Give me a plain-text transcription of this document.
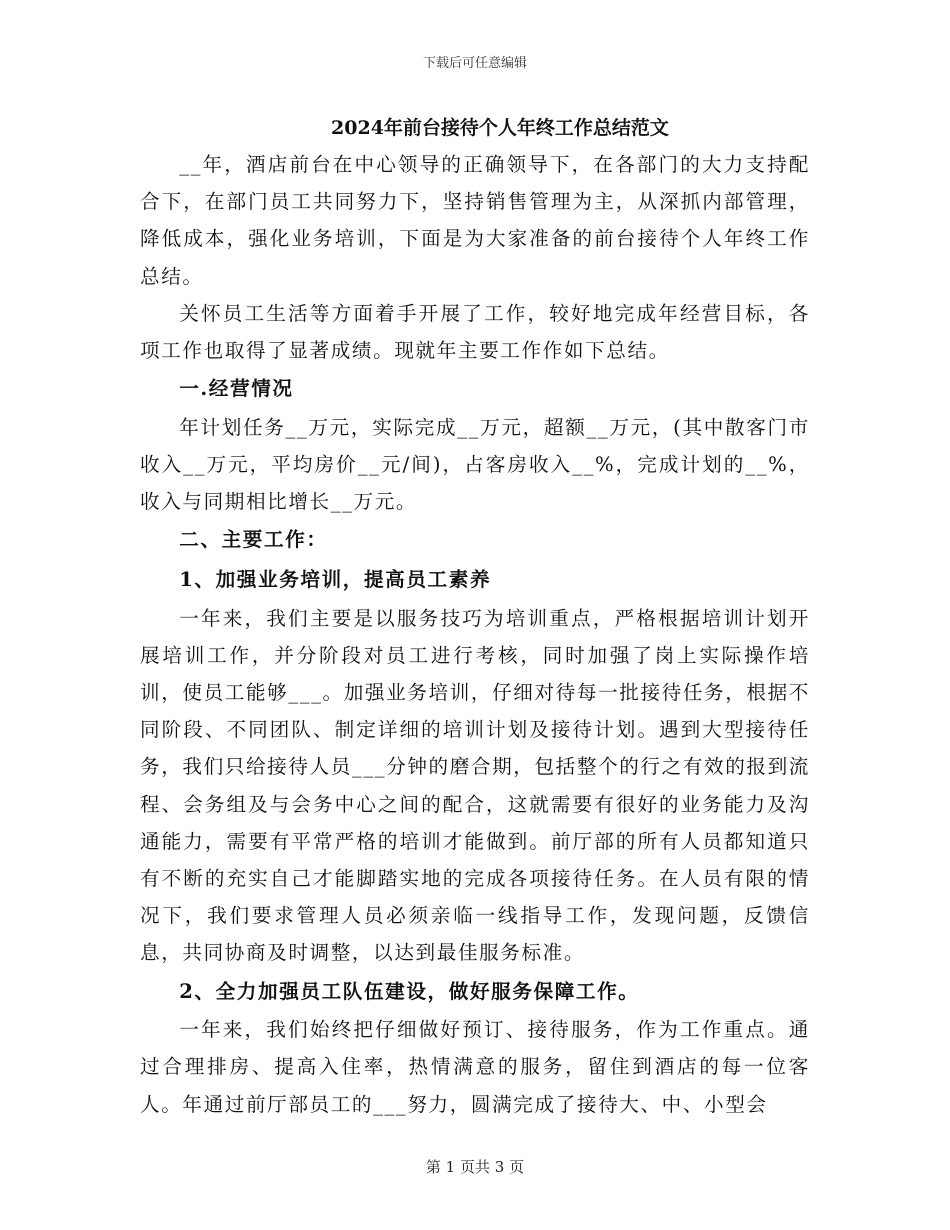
下载后可任意编辑
2024年前台接待个人年终工作总结范文

__年，酒店前台在中心领导的正确领导下，在各部门的大力支持配合下，在部门员工共同努力下，坚持销售管理为主，从深抓内部管理，降低成本，强化业务培训，下面是为大家准备的前台接待个人年终工作总结。

关怀员工生活等方面着手开展了工作，较好地完成年经营目标，各项工作也取得了显著成绩。现就年主要工作作如下总结。

一.经营情况

年计划任务__万元，实际完成__万元，超额__万元，(其中散客门市收入__万元，平均房价__元/间)，占客房收入__%，完成计划的__%，收入与同期相比增长__万元。

二、主要工作：

1、加强业务培训，提高员工素养

一年来，我们主要是以服务技巧为培训重点，严格根据培训计划开展培训工作，并分阶段对员工进行考核，同时加强了岗上实际操作培训，使员工能够___。加强业务培训，仔细对待每一批接待任务，根据不同阶段、不同团队、制定详细的培训计划及接待计划。遇到大型接待任务，我们只给接待人员___分钟的磨合期，包括整个的行之有效的报到流程、会务组及与会务中心之间的配合，这就需要有很好的业务能力及沟通能力，需要有平常严格的培训才能做到。前厅部的所有人员都知道只有不断的充实自己才能脚踏实地的完成各项接待任务。在人员有限的情况下，我们要求管理人员必须亲临一线指导工作，发现问题，反馈信息，共同协商及时调整，以达到最佳服务标准。

2、全力加强员工队伍建设，做好服务保障工作。

一年来，我们始终把仔细做好预订、接待服务，作为工作重点。通过合理排房、提高入住率，热情满意的服务，留住到酒店的每一位客人。年通过前厅部员工的___努力，圆满完成了接待大、中、小型会

第 1 页共 3 页
